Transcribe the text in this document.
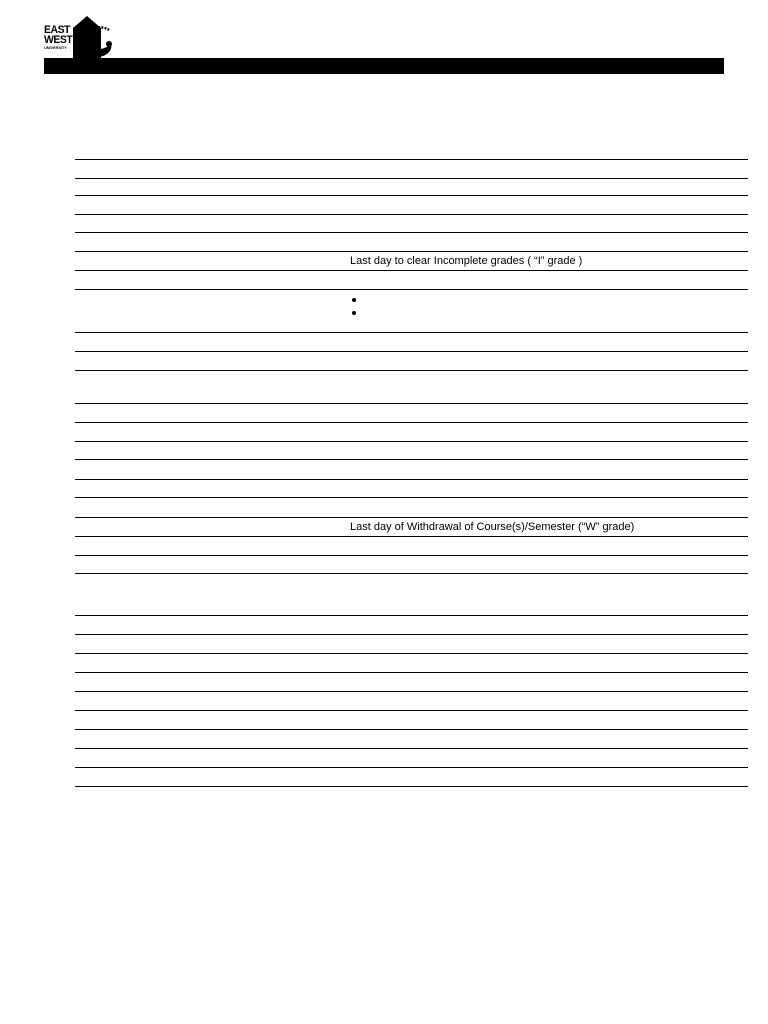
EAST
WEST
UNIVERSITY
Last day to clear Incomplete grades ( “I” grade )
Last day of Withdrawal of Course(s)/Semester (“W” grade)
